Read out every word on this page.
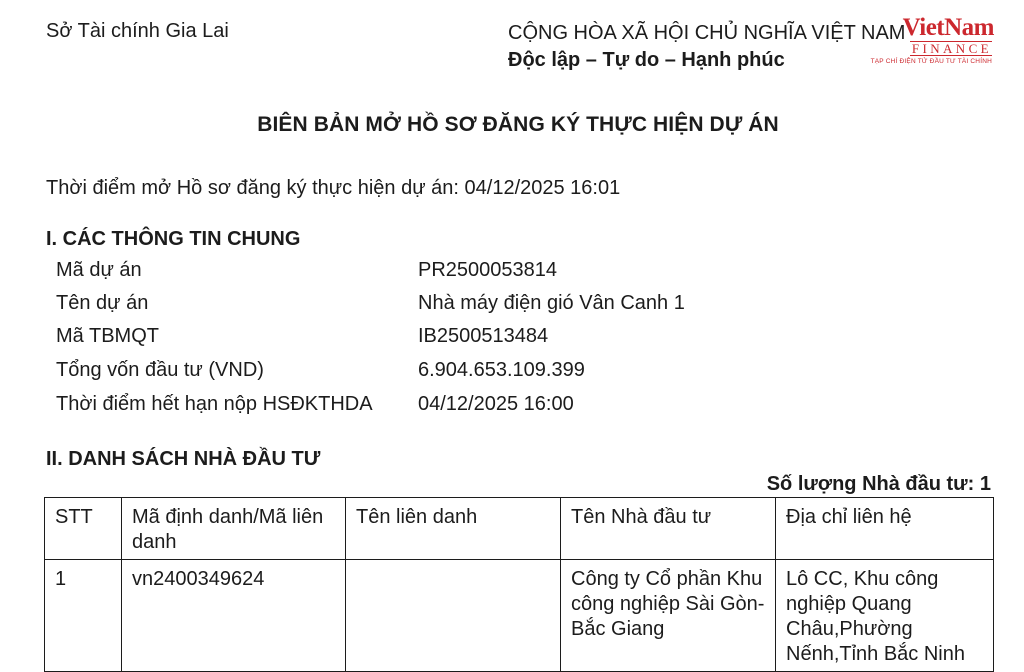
Sở Tài chính Gia Lai	CỘNG HÒA XÃ HỘI CHỦ NGHĨA VIỆT NAM
Độc lập – Tự do – Hạnh phúc
VietNam
FINANCE
TẠP CHÍ ĐIỆN TỬ ĐẦU TƯ TÀI CHÍNH
BIÊN BẢN MỞ HỒ SƠ ĐĂNG KÝ THỰC HIỆN DỰ ÁN
Thời điểm mở Hồ sơ đăng ký thực hiện dự án: 04/12/2025 16:01
I. CÁC THÔNG TIN CHUNG
Mã dự án	PR2500053814
Tên dự án	Nhà máy điện gió Vân Canh 1
Mã TBMQT	IB2500513484
Tổng vốn đầu tư (VND)	6.904.653.109.399
Thời điểm hết hạn nộp HSĐKTHDA 04/12/2025 16:00
II. DANH SÁCH NHÀ ĐẦU TƯ
Số lượng Nhà đầu tư: 1
STT	Mã định danh/Mã liên danh	Tên liên danh	Tên Nhà đầu tư	Địa chỉ liên hệ
1	vn2400349624		Công ty Cổ phần Khu công nghiệp Sài Gòn-Bắc Giang	Lô CC, Khu công nghiệp Quang Châu,Phường Nếnh,Tỉnh Bắc Ninh
